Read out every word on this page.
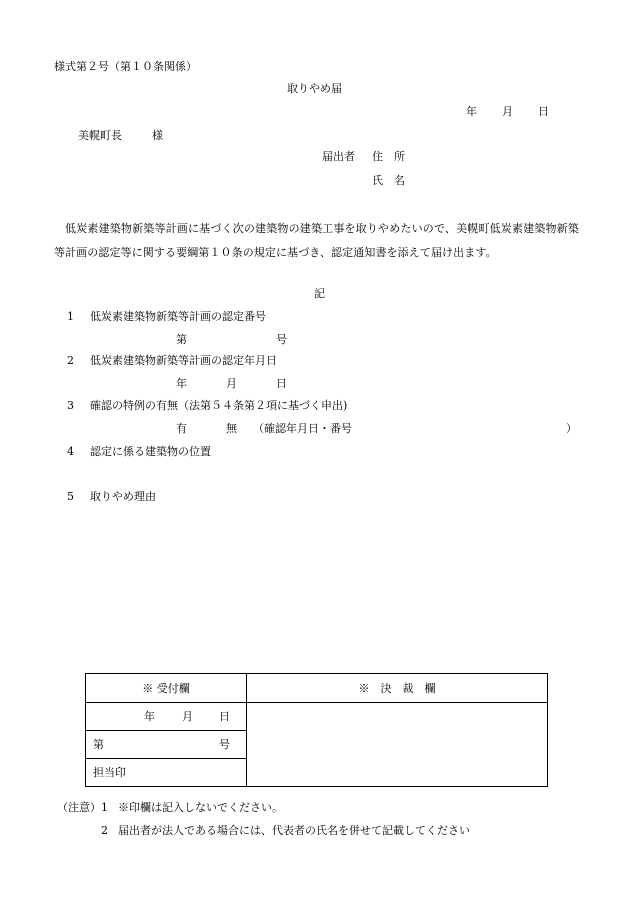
様式第２号（第１０条関係）
取りやめ届
年 月 日
美幌町長	様
届出者 住　所
氏　名
低炭素建築物新築等計画に基づく次の建築物の建築工事を取りやめたいので、美幌町低炭素建築物新築等計画の認定等に関する要綱第１０条の規定に基づき、認定通知書を添えて届け出ます。
記
1 低炭素建築物新築等計画の認定番号
第	号
2 低炭素建築物新築等計画の認定年月日
年	月	日
3 確認の特例の有無（法第５４条第２項に基づく申出)
有	無 （確認年月日・番号	）
4 認定に係る建築物の位置
5 取りやめ理由
※ 受付欄	※　決　裁　欄

年 月 日	

第 号	

担当印	
（注意） 1 ※印欄は記入しないでください。
2 届出者が法人である場合には、代表者の氏名を併せて記載してください
